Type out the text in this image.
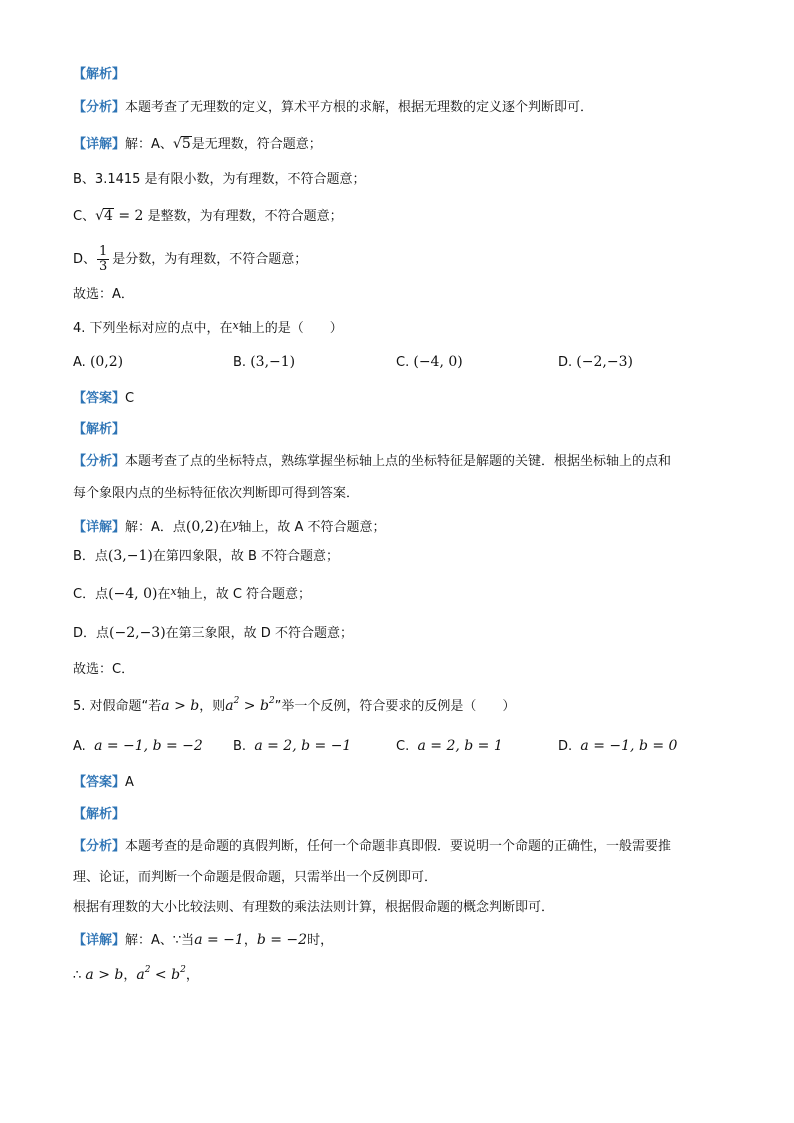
【解析】
【分析】本题考查了无理数的定义，算术平方根的求解，根据无理数的定义逐个判断即可．
【详解】解：A、√5是无理数，符合题意；
B、3.1415 是有限小数，为有理数，不符合题意；
C、√4 = 2 是整数，为有理数，不符合题意；
D、 $\frac{1}{3}$ 是分数，为有理数，不符合题意；
故选：A．
4. 下列坐标对应的点中，在$^x$轴上的是（　　）
A. (0,2)	B. (3,−1)	C. (−4, 0)	D. (−2,−3)
【答案】C
【解析】
【分析】本题考查了点的坐标特点，熟练掌握坐标轴上点的坐标特征是解题的关键．根据坐标轴上的点和
每个象限内点的坐标特征依次判断即可得到答案．
【详解】解：A．点(0,2)在$^y$轴上，故 A 不符合题意；
B．点(3,−1)在第四象限，故 B 不符合题意；
C．点(−4, 0)在$^x$轴上，故 C 符合题意；
D．点(−2,−3)在第三象限，故 D 不符合题意；
故选：C．
5. 对假命题“若a > b，则$a^2 > b^2$”举一个反例，符合要求的反例是（　　）
A. a = −1, b = −2 B. a = 2, b = −1	C. a = 2, b = 1	D. a = −1, b = 0
【答案】A
【解析】
【分析】本题考查的是命题的真假判断，任何一个命题非真即假．要说明一个命题的正确性，一般需要推
理、论证，而判断一个命题是假命题，只需举出一个反例即可．
根据有理数的大小比较法则、有理数的乘法法则计算，根据假命题的概念判断即可．
【详解】解：A、∵当a = −1，b = −2时，
∴ a > b，$a^2 < b^2$，
